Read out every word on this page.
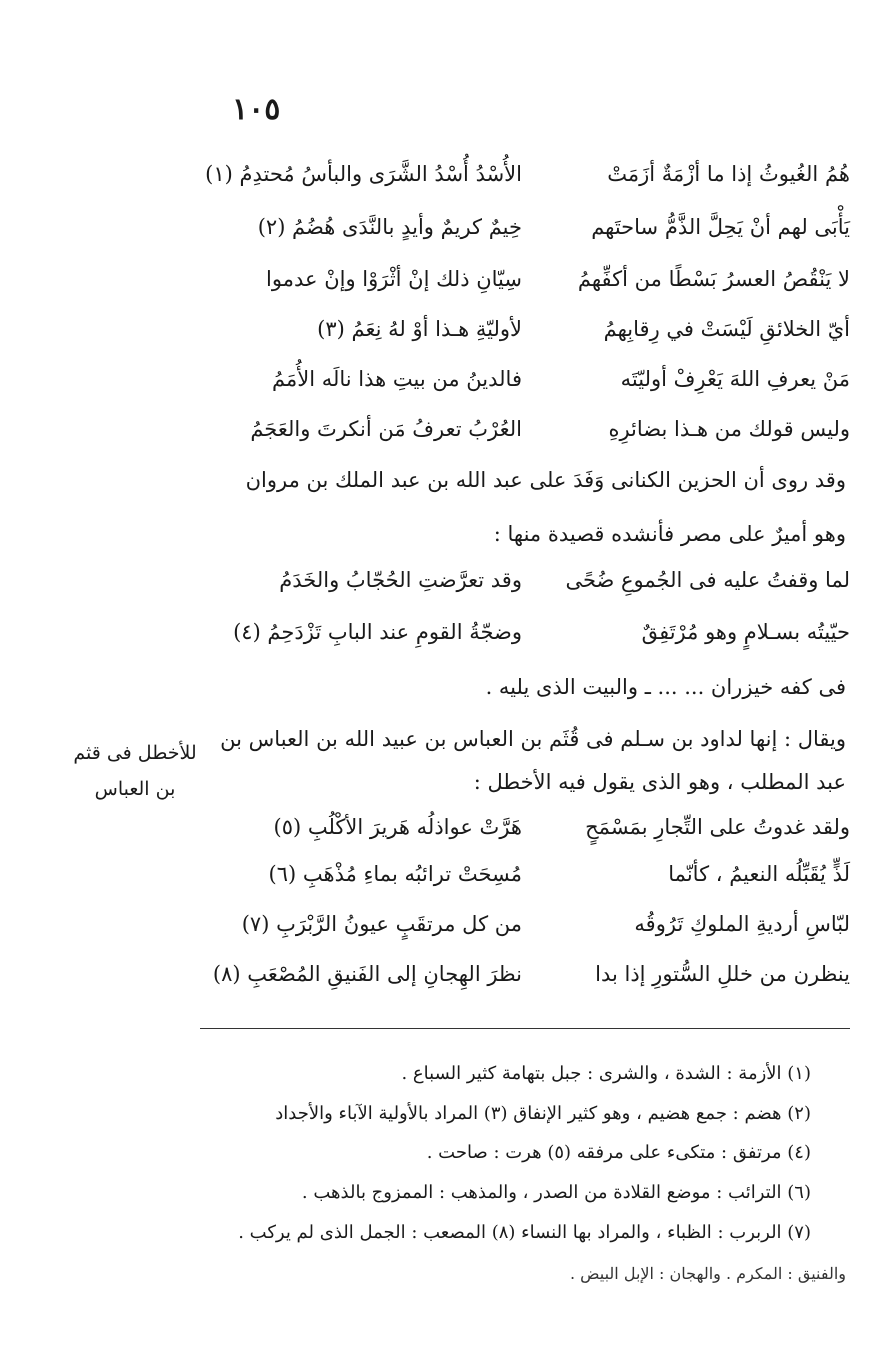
١٠٥
هُمُ الغُيوثُ إذا ما أزْمَةٌ أزَمَتْ
الأُسْدُ أُسْدُ الشَّرَى والبأسُ مُحتدِمُ (١)
يَأْبَى لهم أنْ يَحِلَّ الذَّمُّ ساحتَهم
خِيمٌ كريمٌ وأيدٍ بالنَّدَى هُضُمُ (٢)
لا يَنْقُصُ العسرُ بَسْطًا من أكفِّهمُ
سِيّانِ ذلك إنْ أثْرَوْا وإنْ عدموا
أيّ الخلائقِ لَيْسَتْ في رِقابِهمُ
لأوليّةِ هـذا أوْ لهُ نِعَمُ (٣)
مَنْ يعرفِ اللهَ يَعْرِفْ أوليّتَه
فالدينُ من بيتِ هذا نالَه الأُمَمُ
وليس قولك من هـذا بضائرِهِ
العُرْبُ تعرفُ مَن أنكرتَ والعَجَمُ
وقد روى أن الحزين الكنانى وَفَدَ على عبد الله بن عبد الملك بن مروان
وهو أميرٌ على مصر فأنشده قصيدة منها :
لما وقفتُ عليه فى الجُموعِ ضُحًى
وقد تعرَّضتِ الحُجّابُ والخَدَمُ
حيّيتُه بسـلامٍ وهو مُرْتَفِقٌ
وضجّةُ القومِ عند البابِ تَزْدَحِمُ (٤)
فى كفه خيزران ... ... ـ والبيت الذى يليه .
ويقال : إنها لداود بن سـلم فى قُثَم بن العباس بن عبيد الله بن العباس بن
عبد المطلب ، وهو الذى يقول فيه الأخطل :
للأخطل فى قثم
بن العباس
ولقد غدوتُ على التِّجارِ بمَسْمَحٍ
هَرَّتْ عواذلُه هَريرَ الأكْلُبِ (٥)
لَذٍّ يُقَبِّلُه النعيمُ ، كأنّما
مُسِحَتْ ترائبُه بماءِ مُذْهَبِ (٦)
لبّاسِ أرديةِ الملوكِ تَرُوقُه
من كل مرتقَبٍ عيونُ الرَّبْرَبِ (٧)
ينظرن من خللِ السُّتورِ إذا بدا
نظرَ الهِجانِ إلى الفَنيقِ المُصْعَبِ (٨)
(١) الأزمة : الشدة ، والشرى : جبل بتهامة كثير السباع .
(٢) هضم : جمع هضيم ، وهو كثير الإنفاق (٣) المراد بالأولية الآباء والأجداد
(٤) مرتفق : متكىء على مرفقه (٥) هرت : صاحت .
(٦) الترائب : موضع القلادة من الصدر ، والمذهب : الممزوج بالذهب .
(٧) الربرب : الظباء ، والمراد بها النساء (٨) المصعب : الجمل الذى لم يركب .
والفنيق : المكرم . والهجان : الإبل البيض .
